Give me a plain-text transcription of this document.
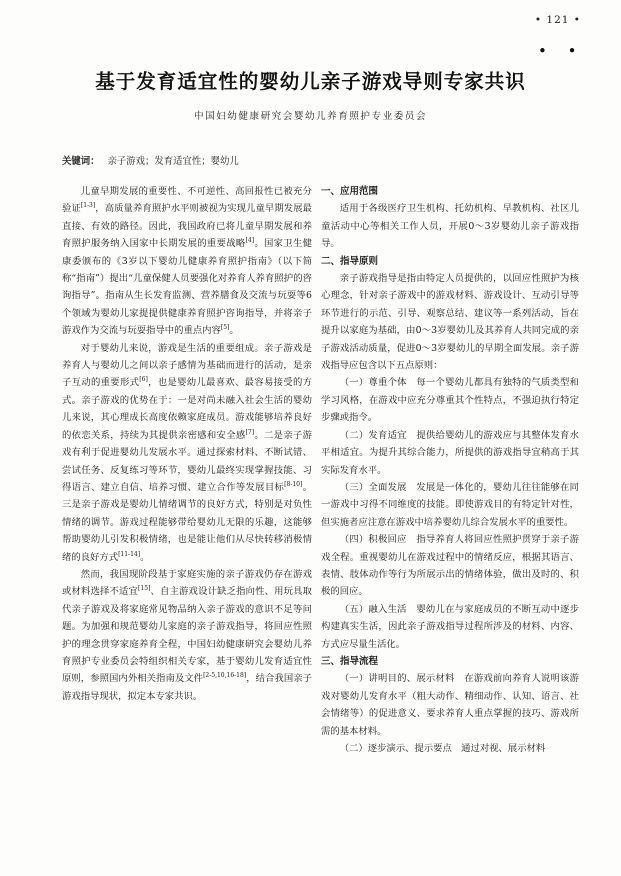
• 121 •
• •
基于发育适宜性的婴幼儿亲子游戏导则专家共识
中国妇幼健康研究会婴幼儿养育照护专业委员会
关键词： 亲子游戏；发育适宜性；婴幼儿

儿童早期发展的重要性、不可逆性、高回报性已被充分验证[1-3]，高质量养育照护水平则被视为实现儿童早期发展最直接、有效的路径。因此，我国政府已将儿童早期发展和养育照护服务纳入国家中长期发展的重要战略[4]。国家卫生健康委颁布的《3岁以下婴幼儿健康养育照护指南》（以下简称“指南”）提出“儿童保健人员要强化对养育人养育照护的咨询指导”。指南从生长发育监测、营养膳食及交流与玩耍等6个领域为婴幼儿家提提供健康养育照护咨询指导，并将亲子游戏作为交流与玩耍指导中的重点内容[5]。

对于婴幼儿来说，游戏是生活的重要组成。亲子游戏是养育人与婴幼儿之间以亲子感情为基础而进行的活动，是亲子互动的重要形式[6]，也是婴幼儿最喜欢、最容易接受的方式。亲子游戏的优势在于：一是对尚未融入社会生活的婴幼儿来说，其心理成长高度依赖家庭成员。游戏能够培养良好的依恋关系，持续为其提供亲密感和安全感[7]。二是亲子游戏有利于促进婴幼儿发展水平。通过探索材料、不断试错、尝试任务、反复练习等环节，婴幼儿最终实现掌握技能、习得语言、建立自信、培养习惯、建立合作等发展目标[8-10]。三是亲子游戏是婴幼儿情绪调节的良好方式，特别是对负性情绪的调节。游戏过程能够带给婴幼儿无限的乐趣，这能够帮助婴幼儿引发积极情绪，也是能让他们从尽快转移消极情绪的良好方式[11-14]。

然而，我国现阶段基于家庭实施的亲子游戏仍存在游戏或材料选择不适宜[15]、自主游戏设计缺乏指向性、用玩具取代亲子游戏及将家庭常见物品纳入亲子游戏的意识不足等问题。为加强和规范婴幼儿家庭的亲子游戏指导，将回应性照护的理念贯穿家庭养育全程，中国妇幼健康研究会婴幼儿养育照护专业委员会特组织相关专家，基于婴幼儿发育适宜性原则，参照国内外相关指南及文件[2-5,10,16-18]，结合我国亲子游戏指导现状，拟定本专家共识。

一、应用范围

适用于各级医疗卫生机构、托幼机构、早教机构、社区儿童活动中心等相关工作人员，开展0～3岁婴幼儿亲子游戏指导。

二、指导原则

亲子游戏指导是指由特定人员提供的，以回应性照护为核心理念，针对亲子游戏中的游戏材料、游戏设计、互动引导等环节进行的示范、引导、观察总结、建议等一系列活动，旨在提升以家庭为基础，由0～3岁婴幼儿及其养育人共同完成的亲子游戏活动质量，促进0～3岁婴幼儿的早期全面发展。亲子游戏指导应包含以下五点原则：

（一）尊重个体　每一个婴幼儿都具有独特的气质类型和学习风格，在游戏中应充分尊重其个性特点，不强迫执行特定步骤或指令。

（二）发育适宜　提供给婴幼儿的游戏应与其整体发育水平相适宜。为提升其综合能力，所提供的游戏指导宜稍高于其实际发育水平。

（三）全面发展　发展是一体化的，婴幼儿往往能够在同一游戏中习得不同维度的技能。即使游戏目的有特定针对性，但实施者应注意在游戏中培养婴幼儿综合发展水平的重要性。

（四）积极回应　指导养育人将回应性照护贯穿于亲子游戏全程。重视婴幼儿在游戏过程中的情绪反应，根据其语言、表情、肢体动作等行为所展示出的情绪体验，做出及时的、积极的回应。

（五）融入生活　婴幼儿在与家庭成员的不断互动中逐步构建真实生活，因此亲子游戏指导过程所涉及的材料、内容、方式应尽量生活化。

三、指导流程

（一）讲明目的、展示材料　在游戏前向养育人说明该游戏对婴幼儿发育水平（粗大动作、精细动作、认知、语言、社会情绪等）的促进意义、要求养育人重点掌握的技巧、游戏所需的基本材料。

（二）逐步演示、提示要点　通过对视、展示材料
